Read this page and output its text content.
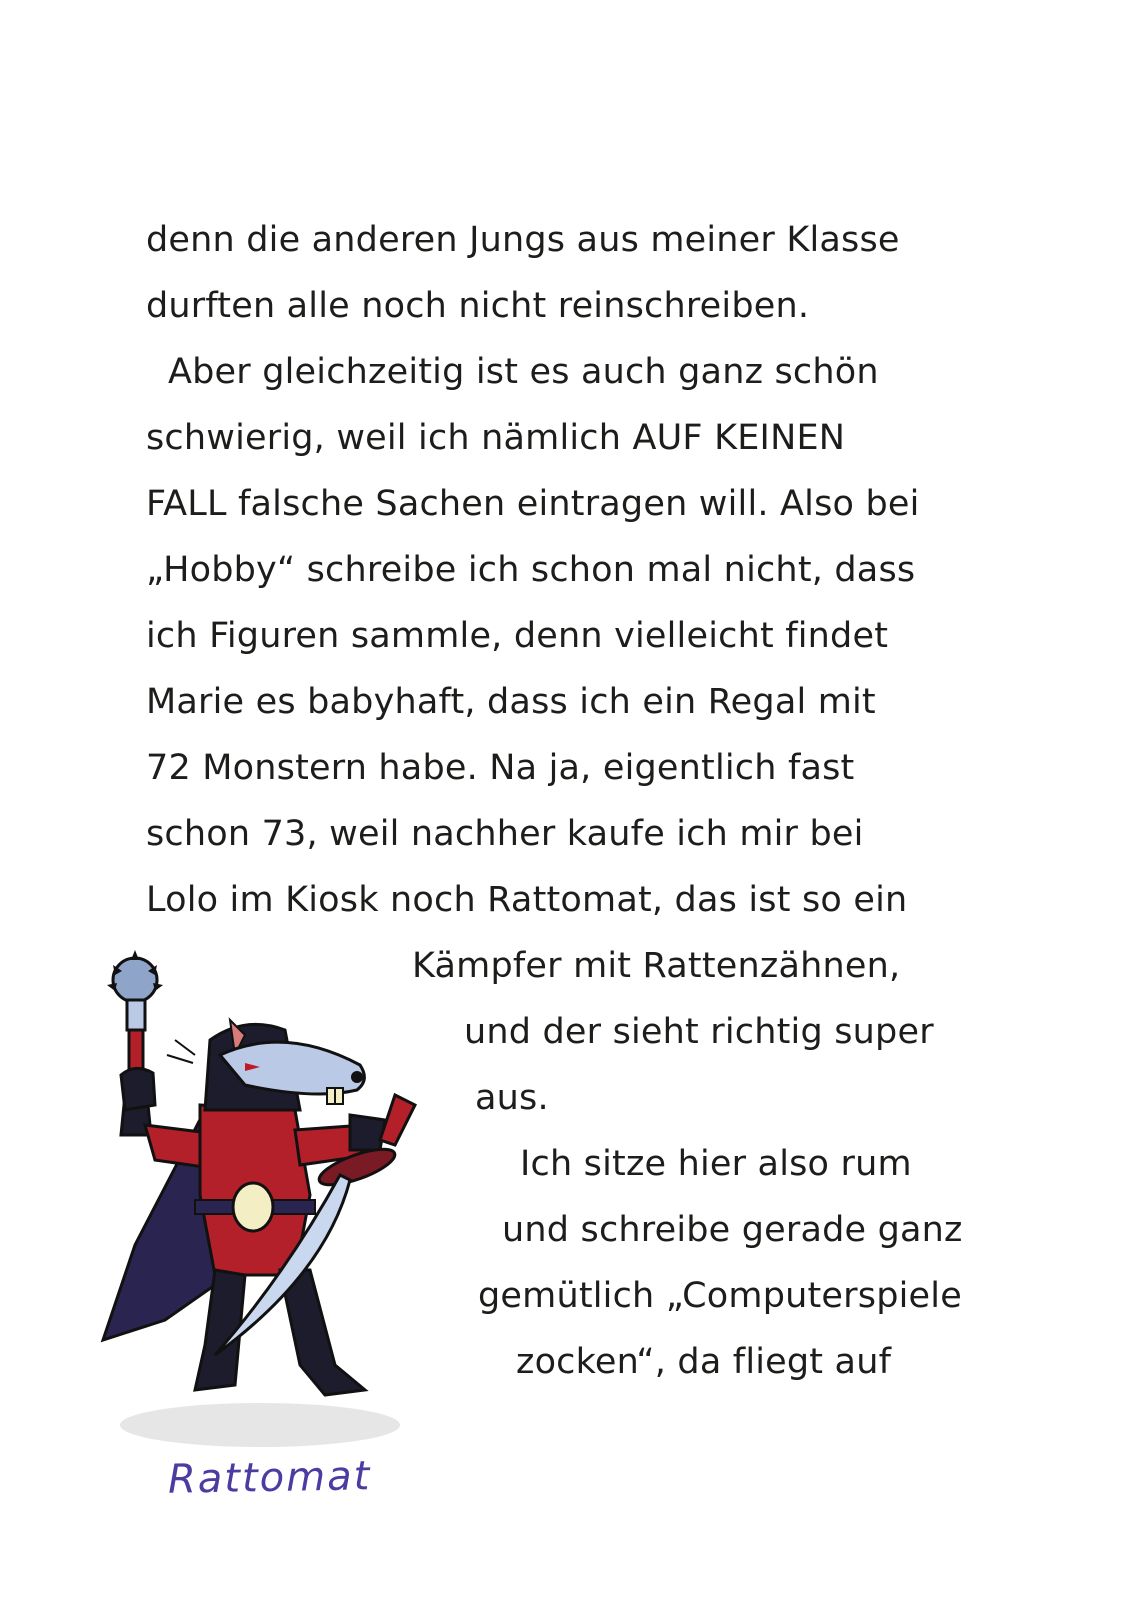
denn die anderen Jungs aus meiner Klasse
durften alle noch nicht reinschreiben.
Aber gleichzeitig ist es auch ganz schön
schwierig, weil ich nämlich AUF KEINEN
FALL falsche Sachen eintragen will. Also bei
„Hobby“ schreibe ich schon mal nicht, dass
ich Figuren sammle, denn vielleicht findet
Marie es babyhaft, dass ich ein Regal mit
72 Monstern habe. Na ja, eigentlich fast
schon 73, weil nachher kaufe ich mir bei
Lolo im Kiosk noch Rattomat, das ist so ein
Kämpfer mit Rattenzähnen,
und der sieht richtig super
aus.
Ich sitze hier also rum
und schreibe gerade ganz
gemütlich „Computerspiele
zocken“, da fliegt auf
Rattomat
